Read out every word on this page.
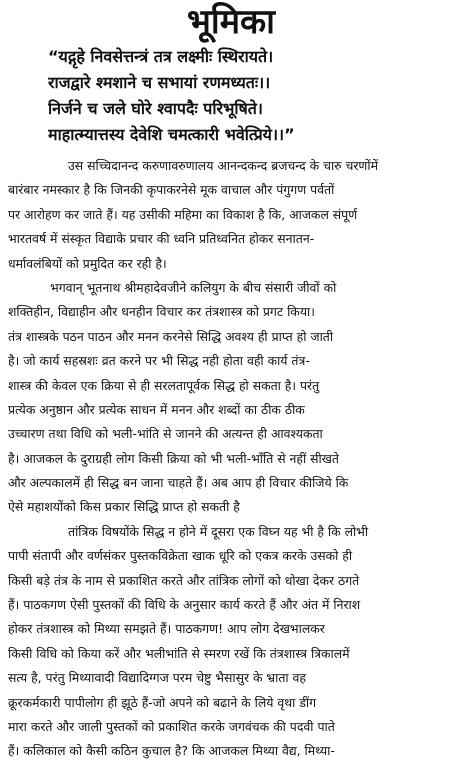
भूमिका
“यद्गृहे निवसेत्तन्त्रं तत्र लक्ष्मीः स्थिरायते।
राजद्वारे श्मशाने च सभायां रणमध्यतः।।
निर्जने च जले घोरे श्वापदैः परिभूषिते।
माहात्म्यात्तस्य देवेशि चमत्कारी भवेत्प्रिये।।”
उस सच्चिदानन्द करुणावरुणालय आनन्दकन्द ब्रजचन्द के चारु चरणोंमें
बारंबार नमस्कार है कि जिनकी कृपाकरनेसे मूक वाचाल और पंगुगण पर्वतों
पर आरोहण कर जाते हैं। यह उसीकी महिमा का विकाश है कि, आजकल संपूर्ण
भारतवर्ष में संस्कृत विद्याके प्रचार की ध्वनि प्रतिध्वनित होकर सनातन-
धर्मावलंबियों को प्रमुदित कर रही है।
भगवान् भूतनाथ श्रीमहादेवजीने कलियुग के बीच संसारी जीवों को
शक्तिहीन, विद्याहीन और धनहीन विचार कर तंत्रशास्त्र को प्रगट किया।
तंत्र शास्त्रके पठन पाठन और मनन करनेसे सिद्धि अवश्य ही प्राप्त हो जाती
है। जो कार्य सहस्रशः व्रत करने पर भी सिद्ध नही होता वही कार्य तंत्र-
शास्त्र की केवल एक क्रिया से ही सरलतापूर्वक सिद्ध हो सकता है। परंतु
प्रत्येक अनुष्ठान और प्रत्येक साधन में मनन और शब्दों का ठीक ठीक
उच्चारण तथा विधि को भली-भांति से जानने की अत्यन्त ही आवश्यकता
है। आजकल के दुराग्रही लोग किसी क्रिया को भी भली-भाँति से नहीं सीखते
और अल्पकालमें ही सिद्ध बन जाना चाहते हैं। अब आप ही विचार कीजिये कि
ऐसे महाशयोंको किस प्रकार सिद्धि प्राप्त हो सकती है
तांत्रिक विषयोंके सिद्ध न होने में दूसरा एक विघ्न यह भी है कि लोभी
पापी संतापी और वर्णसंकर पुस्तकविक्रेता खाक धूरि को एकत्र करके उसको ही
किसी बड़े तंत्र के नाम से प्रकाशित करते और तांत्रिक लोगों को धोखा देकर ठगते
हैं। पाठकगण ऐसी पुस्तकों की विधि के अनुसार कार्य करते हैं और अंत में निराश
होकर तंत्रशास्त्र को मिथ्या समझते हैं। पाठकगण! आप लोग देखभालकर
किसी विधि को किया करें और भलीभांति से स्मरण रखें कि तंत्रशास्त्र त्रिकालमें
सत्य है, परंतु मिथ्यावादी विद्यादिग्गज परम चेष्टु भैसासुर के भ्राता वह
क्रूरकर्मकारी पापीलोग ही झूठे हैं-जो अपने को बढाने के लिये वृथा डींग
मारा करते और जाली पुस्तकों को प्रकाशित करके जगवंचक की पदवी पाते
हैं। कलिकाल को कैसी कठिन कुचाल है? कि आजकल मिथ्या वैद्य, मिथ्या-
